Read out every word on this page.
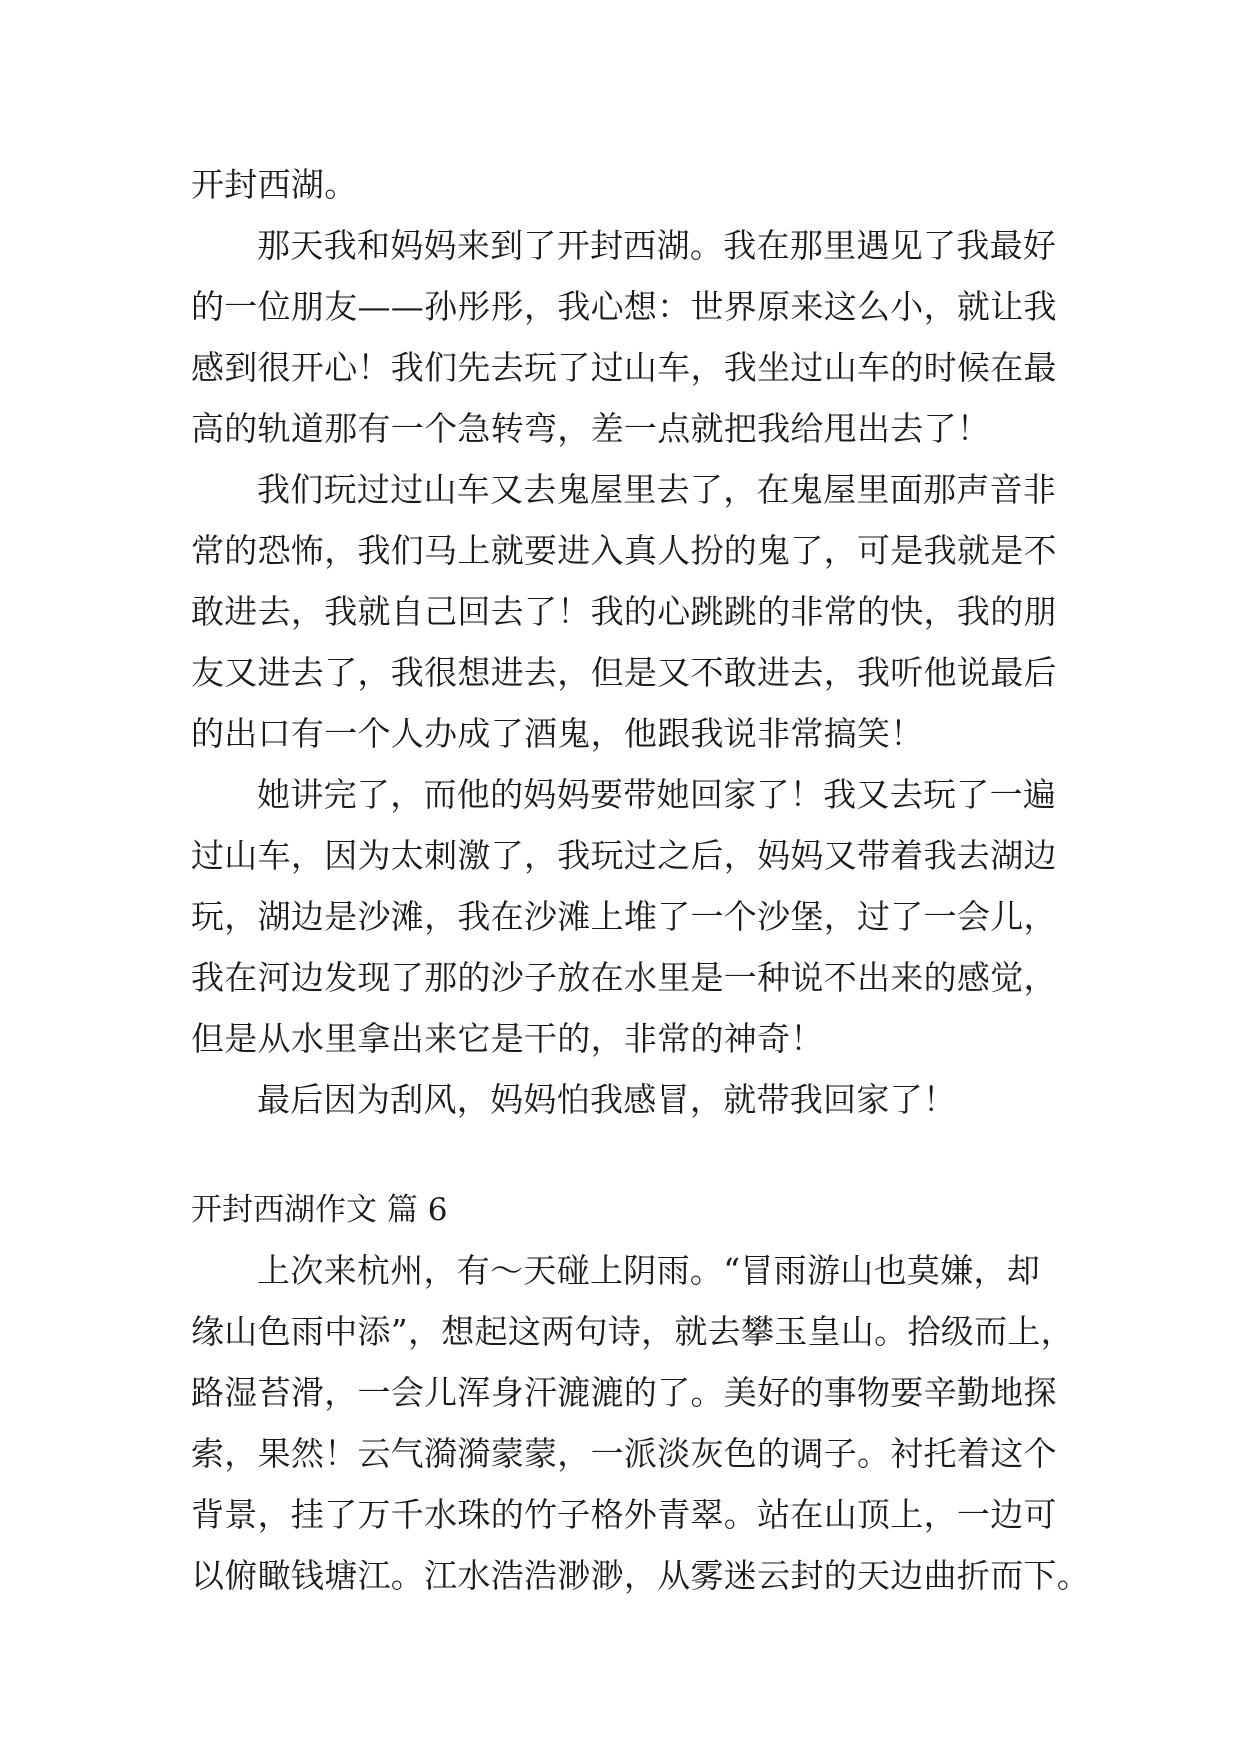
开封西湖。
那天我和妈妈来到了开封西湖。我在那里遇见了我最好
的一位朋友——孙彤彤，我心想：世界原来这么小，就让我
感到很开心！我们先去玩了过山车，我坐过山车的时候在最
高的轨道那有一个急转弯，差一点就把我给甩出去了！
我们玩过过山车又去鬼屋里去了，在鬼屋里面那声音非
常的恐怖，我们马上就要进入真人扮的鬼了，可是我就是不
敢进去，我就自己回去了！我的心跳跳的非常的快，我的朋
友又进去了，我很想进去，但是又不敢进去，我听他说最后
的出口有一个人办成了酒鬼，他跟我说非常搞笑！
她讲完了，而他的妈妈要带她回家了！我又去玩了一遍
过山车，因为太刺激了，我玩过之后，妈妈又带着我去湖边
玩，湖边是沙滩，我在沙滩上堆了一个沙堡，过了一会儿，
我在河边发现了那的沙子放在水里是一种说不出来的感觉，
但是从水里拿出来它是干的，非常的神奇！
最后因为刮风，妈妈怕我感冒，就带我回家了！
开封西湖作文 篇 6
上次来杭州，有～天碰上阴雨。“冒雨游山也莫嫌，却
缘山色雨中添”，想起这两句诗，就去攀玉皇山。拾级而上，
路湿苔滑，一会儿浑身汗漉漉的了。美好的事物要辛勤地探
索，果然！云气漪漪蒙蒙，一派淡灰色的调子。衬托着这个
背景，挂了万千水珠的竹子格外青翠。站在山顶上，一边可
以俯瞰钱塘江。江水浩浩渺渺，从雾迷云封的天边曲折而下。
